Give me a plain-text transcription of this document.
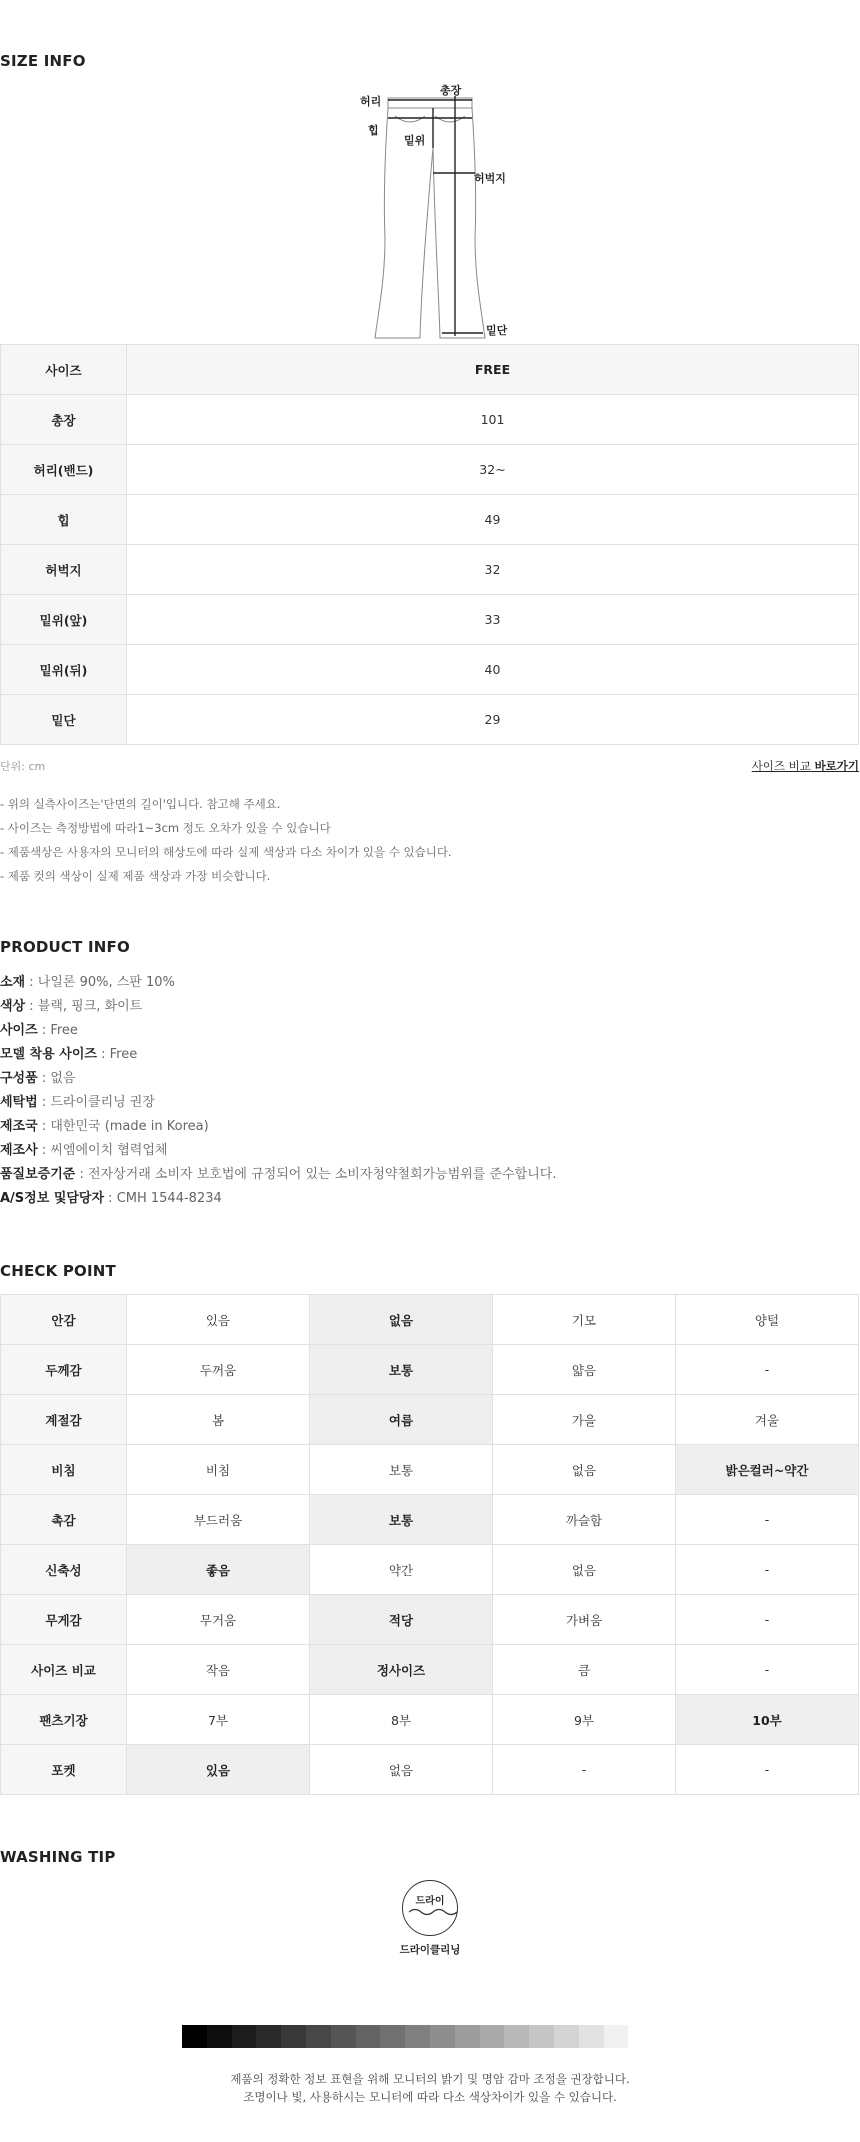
SIZE INFO
총장
허리
힙
밑위
허벅지
밑단
사이즈	FREE
총장	101
허리(밴드)	32~
힙	49
허벅지	32
밑위(앞)	33
밑위(뒤)	40
밑단	29
단위: cm	사이즈 비교 바로가기
- 위의 실측사이즈는'단면의 길이'입니다. 참고해 주세요.
- 사이즈는 측정방법에 따라1~3cm 정도 오차가 있을 수 있습니다
- 제품색상은 사용자의 모니터의 해상도에 따라 실제 색상과 다소 차이가 있을 수 있습니다.
- 제품 컷의 색상이 실제 제품 색상과 가장 비슷합니다.
PRODUCT INFO
소재 : 나일론 90%, 스판 10%
색상 : 블랙, 핑크, 화이트
사이즈 : Free
모델 착용 사이즈 : Free
구성품 : 없음
세탁법 : 드라이클리닝 권장
제조국 : 대한민국 (made in Korea)
제조사 : 씨엠에이치 협력업체
품질보증기준 : 전자상거래 소비자 보호법에 규정되어 있는 소비자청약철회가능범위를 준수합니다.
A/S정보 및담당자 : CMH 1544-8234
CHECK POINT
안감	있음	없음	기모	양털
두께감	두꺼움	보통	얇음	-
계절감	봄	여름	가을	겨울
비침	비침	보통	없음	밝은컬러~약간
촉감	부드러움	보통	까슬함	-
신축성	좋음	약간	없음	-
무게감	무거움	적당	가벼움	-
사이즈 비교	작음	정사이즈	큼	-
팬츠기장	7부	8부	9부	10부
포켓	있음	없음	-	-
WASHING TIP
드라이
드라이클리닝
제품의 정확한 정보 표현을 위해 모니터의 밝기 및 명암 감마 조정을 권장합니다.
조명이나 빛, 사용하시는 모니터에 따라 다소 색상차이가 있을 수 있습니다.
